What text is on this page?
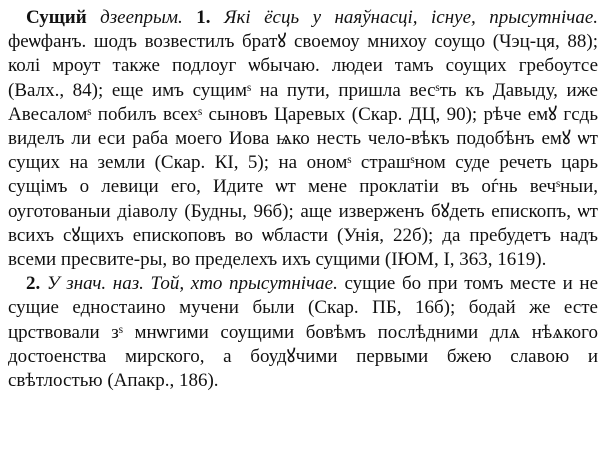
Сущий дзеепрым. 1. Які ёсць у наяўнасці, існуе, прысутнічае. феѡфанъ. шодъ возвестилъ братꙋ своемоу мнихоу соущо (Чэц-ця, 88); колі мроут также подлоуг ѡбычаю. людеи тамъ соущих гребоутсе (Валх., 84); еще имъ сущимˢ на пути, пришла весˢть къ Давыду, иже Авесаломˢ побилъ всехˢ сыновъ Царевых (Скар. ДЦ, 90); рѣче емꙋ гсдь виделъ ли еси раба моего Иова ѩко несть чело-вѣкъ подобѣнъ емꙋ ѡт сущих на земли (Скар. КІ, 5); на ономˢ страшˢном суде речеть царь сущімъ о левици его, Идите ѡт мене проклатіи въ оѓнь вечˢныи, оуготованыи діаволу (Будны, 96б); аще изверженъ бꙋдеть епископъ, ѡт всихъ сꙋщихъ епископовъ во ѡбласти (Унія, 22б); да пребудетъ надъ всеми пресвите-ры, во пределехъ ихъ сущими (ІЮМ, I, 363, 1619).

2. У знач. наз. Той, хто прысутнічае. сущие бо при томъ месте и не сущие едностаино мучени были (Скар. ПБ, 16б); бодай же есте црствовали зˢ мнѡгими соущими бовѣмъ послѣдними длѧ нѣѧкого достоенства мирского, а боудꙋчими первыми бжею славою и свѣтлостью (Апакр., 186).
